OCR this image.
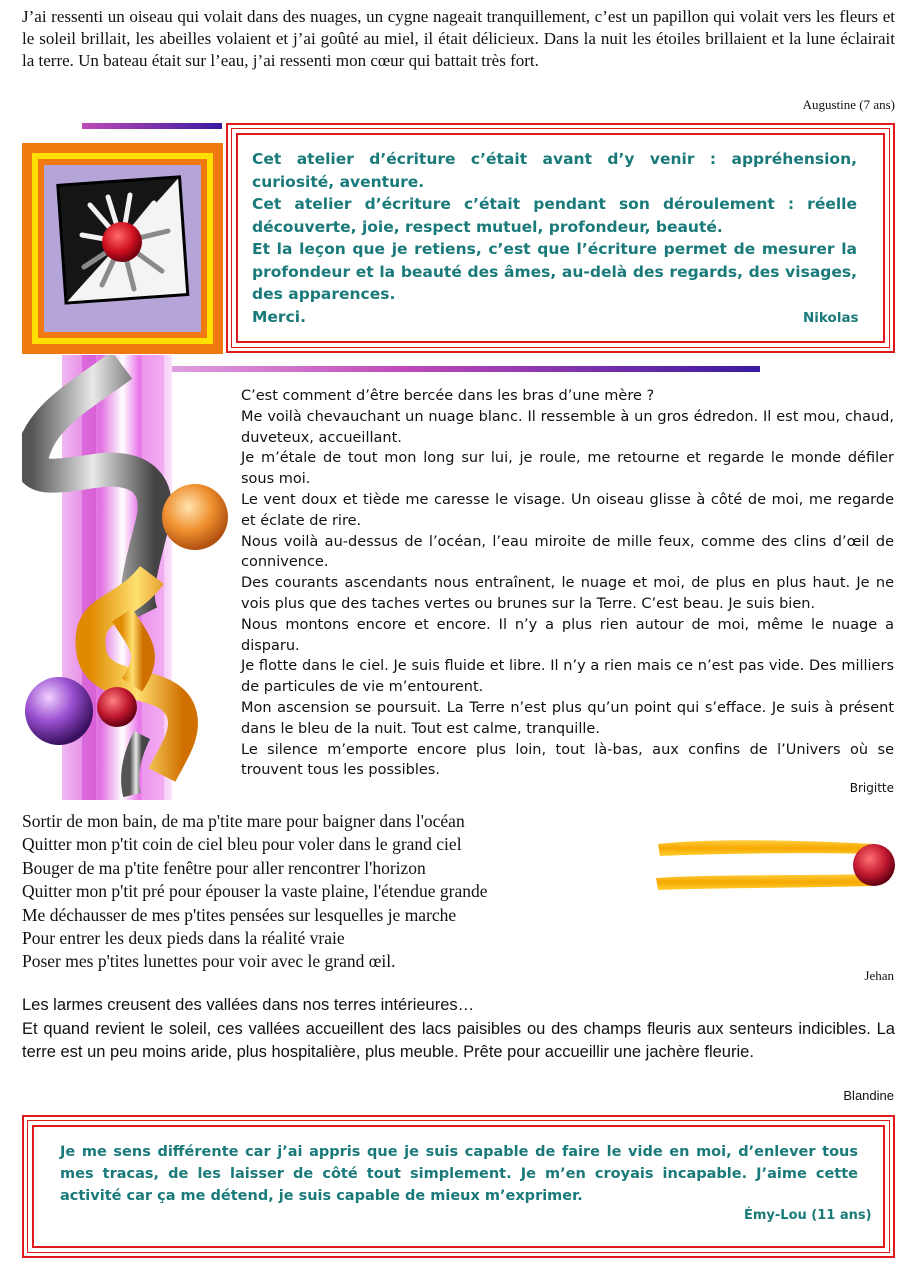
J’ai ressenti un oiseau qui volait dans des nuages, un cygne nageait tranquillement, c’est un papillon qui volait vers les fleurs et le soleil brillait, les abeilles volaient et j’ai goûté au miel, il était délicieux. Dans la nuit les étoiles brillaient et la lune éclairait la terre. Un bateau était sur l’eau, j’ai ressenti mon cœur qui battait très fort.
Augustine (7 ans)
Cet atelier d’écriture c’était avant d’y venir : appréhension, curiosité, aventure.
Cet atelier d’écriture c’était pendant son déroulement : réelle découverte, joie, respect mutuel, profondeur, beauté.
Et la leçon que je retiens, c’est que l’écriture permet de mesurer la profondeur et la beauté des âmes, au-delà des regards, des visages, des apparences.
Merci.	Nikolas
C’est comment d’être bercée dans les bras d’une mère ?
Me voilà chevauchant un nuage blanc. Il ressemble à un gros édredon. Il est mou, chaud, duveteux, accueillant.
Je m’étale de tout mon long sur lui, je roule, me retourne et regarde le monde défiler sous moi.
Le vent doux et tiède me caresse le visage. Un oiseau glisse à côté de moi, me regarde et éclate de rire.
Nous voilà au-dessus de l’océan, l’eau miroite de mille feux, comme des clins d’œil de connivence.
Des courants ascendants nous entraînent, le nuage et moi, de plus en plus haut. Je ne vois plus que des taches vertes ou brunes sur la Terre. C’est beau. Je suis bien.
Nous montons encore et encore. Il n’y a plus rien autour de moi, même le nuage a disparu.
Je flotte dans le ciel. Je suis fluide et libre. Il n’y a rien mais ce n’est pas vide. Des milliers de particules de vie m’entourent.
Mon ascension se poursuit. La Terre n’est plus qu’un point qui s’efface. Je suis à présent dans le bleu de la nuit. Tout est calme, tranquille.
Le silence m’emporte encore plus loin, tout là-bas, aux confins de l’Univers où se trouvent tous les possibles.
Brigitte
Sortir de mon bain, de ma p'tite mare pour baigner dans l'océan
Quitter mon p'tit coin de ciel bleu pour voler dans le grand ciel
Bouger de ma p'tite fenêtre pour aller rencontrer l'horizon
Quitter mon p'tit pré pour épouser la vaste plaine, l'étendue grande
Me déchausser de mes p'tites pensées sur lesquelles je marche
Pour entrer les deux pieds dans la réalité vraie
Poser mes p'tites lunettes pour voir avec le grand œil.
Jehan
Les larmes creusent des vallées dans nos terres intérieures…
Et quand revient le soleil, ces vallées accueillent des lacs paisibles ou des champs fleuris aux senteurs indicibles. La terre est un peu moins aride, plus hospitalière, plus meuble. Prête pour accueillir une jachère fleurie.
Blandine
Je me sens différente car j’ai appris que je suis capable de faire le vide en moi, d’enlever tous mes tracas, de les laisser de côté tout simplement. Je m’en croyais incapable. J’aime cette activité car ça me détend, je suis capable de mieux m’exprimer.
Émy-Lou (11 ans)
